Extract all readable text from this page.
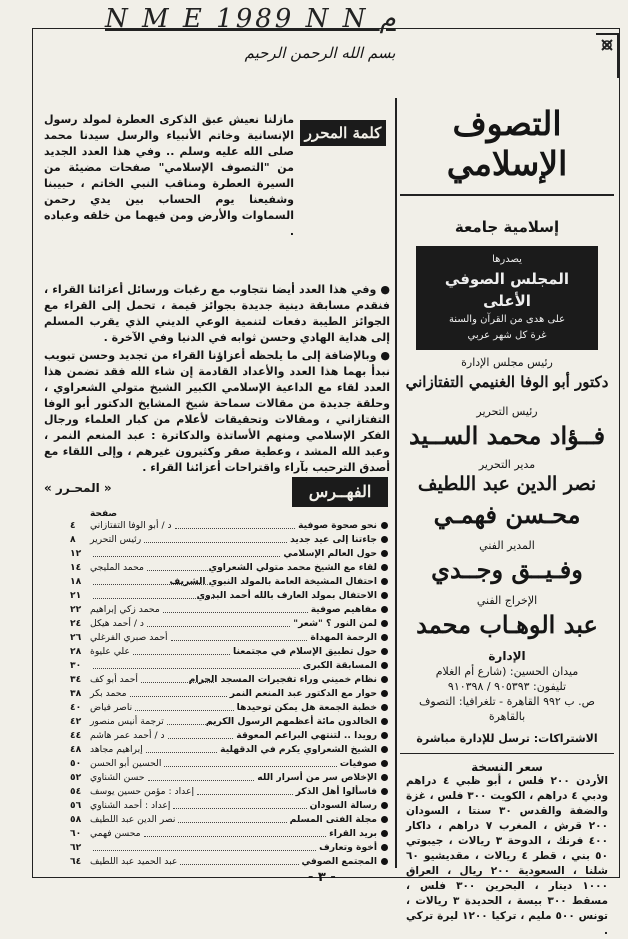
N M E 1989 N N م
بسم الله الرحمن الرحيم
التصوف الإسلامي
إسلامية جامعة
يصدرها
المجلس الصوفي الأعلى
على هدى من القرآن والسنة
غرة كل شهر عربي
رئيس مجلس الإدارة
دكتور أبو الوفا الغنيمي التفتازاني
رئيس التحرير
فــؤاد محمد الســيد
مدير التحرير
نصر الدين عبد اللطيف
محـسن فهمـي
المدير الفني
وفـيــق وجــدي
الإخراج الفني
عبد الوهـاب محمد
الإدارة
ميدان الحسين: (شارع أم الغلام
تليفون: ٩٠٥٣٩٣ / ٩١٠٣٩٨
ص. ب ٩٩٢ القاهرة - تلغرافيا: التصوف بالقاهرة
الاشتراكات: ترسل للإدارة مباشرة
سعر النسخة
الأردن ٢٠٠ فلس ، أبو ظبي ٤ دراهم ودبي ٤ دراهم ، الكويت ٣٠٠ فلس ، غزة والضفة والقدس ٣٠ سنتا ، السودان ٢٠٠ قرش ، المغرب ٧ دراهم ، داكار ٤٠٠ فرنك ، الدوحة ٣ ريالات ، جيبوتي ٥٠ بني ، قطر ٤ ريالات ، مقديشيو ٦٠ شلنا ، السعودية ٢٠٠ ريال ، العراق ١٠٠٠ دينار ، البحرين ٣٠٠ فلس ، مسقط ٣٠٠ بيسة ، الحديدة ٣ ريالات ، تونس ٥٠٠ مليم ، تركيا ١٢٠٠ ليرة تركي .
كلمة المحرر

مازلنا نعيش عبق الذكرى العطرة لمولد رسول الإنسانية وخاتم الأنبياء والرسل سيدنا محمد صلى الله عليه وسلم .. وفي هذا العدد الجديد من "التصوف الإسلامي" صفحات مضيئة من السيرة العطرة ومناقب النبي الخاتم ، حبيبنا وشفيعنا يوم الحساب بين يدي رحمن السماوات والأرض ومن فيهما من خلقه وعباده .

● وفي هذا العدد أيضا نتجاوب مع رغبات ورسائل أعزائنا القراء ، فنقدم مسابقة دينية جديدة بجوائز قيمة ، تحمل إلى القراء مع الجوائز الطيبة دفعات لتنمية الوعي الديني الذي يقرب المسلم إلى هداية الهادي وحسن ثوابه في الدنيا وفي الآخرة .

● وبالإضافة إلى ما يلحظه أعزاؤنا القراء من تجديد وحسن تبويب نبدأ بهما هذا العدد والأعداد القادمة إن شاء الله فقد تضمن هذا العدد لقاء مع الداعية الإسلامي الكبير الشيخ متولي الشعراوي ، وحلقة جديدة من مقالات سماحة شيخ المشايخ الدكتور أبو الوفا التفتازاني ، ومقالات وتحقيقات لأعلام من كبار العلماء ورجال الفكر الإسلامي ومنهم الأساتذة والدكاترة : عبد المنعم النمر ، وعبد الله المشد ، وعطية صقر وكثيرون غيرهم ، وإلى اللقاء مع أصدق الترحيب بآراء واقتراحات أعزائنا القراء .

« المحـرر »	الفهــرس
صفحة
نحو صحوة صوفية
د / أبو الوفا التفتازاني
٤
جاءتنا إلى عيد جديد
رئيس التحرير
٨
حول العالم الإسلامي
١٢
لقاء مع الشيخ محمد متولي الشعراوي
محمد المليجي
١٤
احتفال المشيخة العامة بالمولد النبوي الشريف
١٨
الاحتفال بمولد العارف بالله أحمد البدوي
٢١
مفاهيم صوفية
محمد زكي إبراهيم
٢٢
لمن النور ؟ "شعر"
د / أحمد هيكل
٢٤
الرحمة المهداة
أحمد صبري الفرغلي
٢٦
حول تطبيق الإسلام في مجتمعنا
علي عليوة
٢٨
المسابقة الكبرى
٣٠
نظام خميني وراء تفجيرات المسجد الحرام
أحمد أبو كف
٣٤
حوار مع الدكتور عبد المنعم النمر
محمد بكر
٣٨
خطبة الجمعة هل يمكن توحيدها
ناصر فياض
٤٠
الخالدون مائة أعظمهم الرسول الكريم
ترجمة أنيس منصور
٤٢
رويدا .. لتنتهي البراعم المعوقة
د / أحمد عمر هاشم
٤٤
الشيخ الشعراوي يكرم في الدقهلية
إبراهيم مجاهد
٤٨
صوفيات
الحسين أبو الحسن
٥٠
الإخلاص سر من أسرار الله
حسن الشناوي
٥٢
فاسألوا أهل الذكر
إعداد : مؤمن حسين يوسف
٥٤
رسالة السودان
إعداد : أحمد الشناوي
٥٦
مجلة الفتى المسلم
نصر الدين عبد اللطيف
٥٨
بريد القراء
محسن فهمي
٦٠
أخوة وتعارف
٦٢
المجتمع الصوفي
عبد الحميد عبد اللطيف
٦٤
- ٣ -
